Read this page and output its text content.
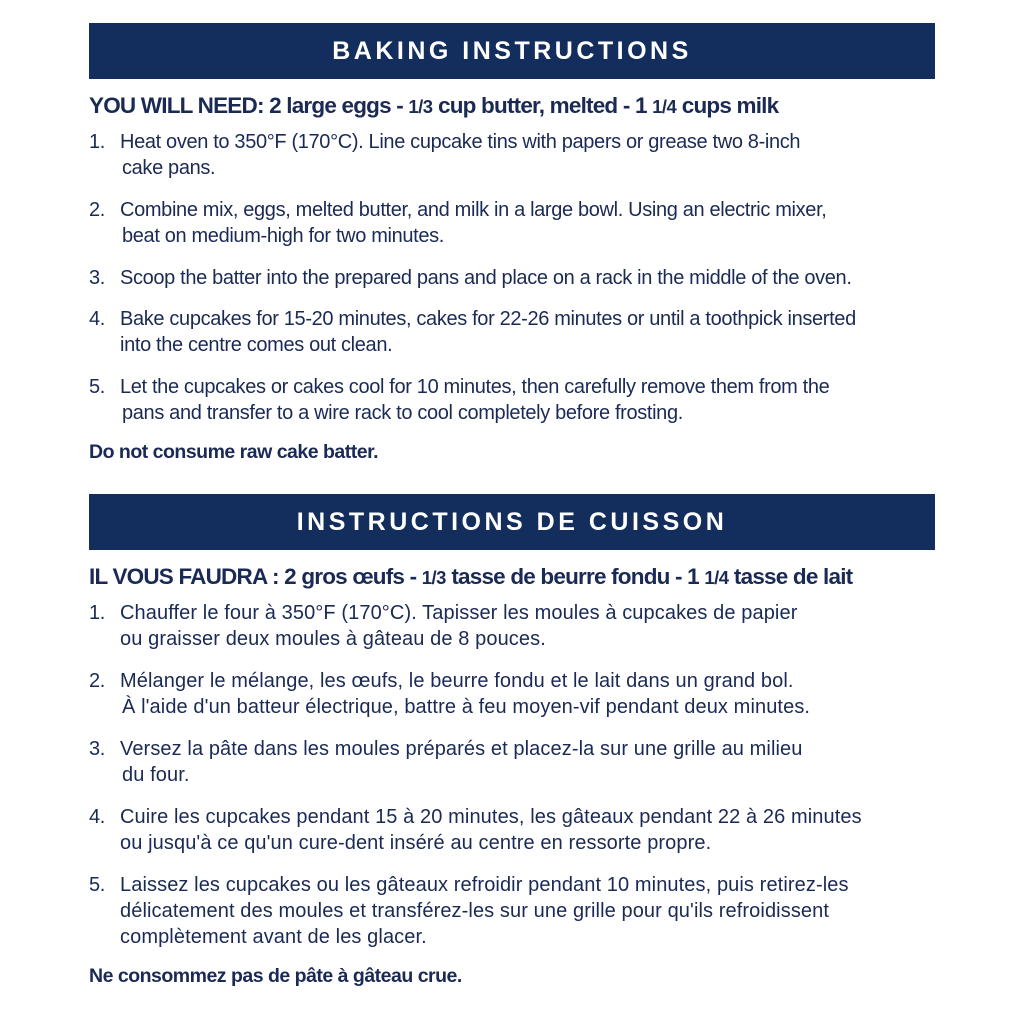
BAKING INSTRUCTIONS
YOU WILL NEED: 2 large eggs - 1/3 cup butter, melted - 1 1/4 cups milk
1. Heat oven to 350°F (170°C). Line cupcake tins with papers or grease two 8-inch
cake pans.
2. Combine mix, eggs, melted butter, and milk in a large bowl. Using an electric mixer,
beat on medium-high for two minutes.
3. Scoop the batter into the prepared pans and place on a rack in the middle of the oven.
4. Bake cupcakes for 15-20 minutes, cakes for 22-26 minutes or until a toothpick inserted
into the centre comes out clean.
5. Let the cupcakes or cakes cool for 10 minutes, then carefully remove them from the
pans and transfer to a wire rack to cool completely before frosting.
Do not consume raw cake batter.
INSTRUCTIONS DE CUISSON
IL VOUS FAUDRA : 2 gros œufs - 1/3 tasse de beurre fondu - 1 1/4 tasse de lait
1. Chauffer le four à 350°F (170°C). Tapisser les moules à cupcakes de papier
ou graisser deux moules à gâteau de 8 pouces.
2. Mélanger le mélange, les œufs, le beurre fondu et le lait dans un grand bol.
À l'aide d'un batteur électrique, battre à feu moyen-vif pendant deux minutes.
3. Versez la pâte dans les moules préparés et placez-la sur une grille au milieu
du four.
4. Cuire les cupcakes pendant 15 à 20 minutes, les gâteaux pendant 22 à 26 minutes
ou jusqu'à ce qu'un cure-dent inséré au centre en ressorte propre.
5. Laissez les cupcakes ou les gâteaux refroidir pendant 10 minutes, puis retirez-les
délicatement des moules et transférez-les sur une grille pour qu'ils refroidissent
complètement avant de les glacer.
Ne consommez pas de pâte à gâteau crue.
